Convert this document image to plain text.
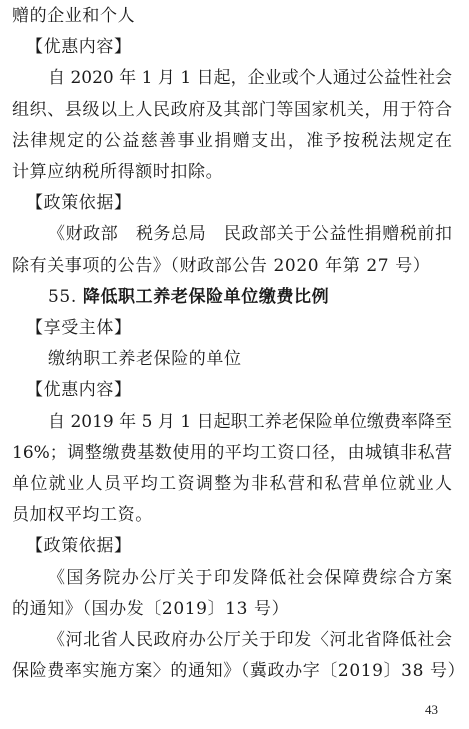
赠的企业和个人
【优惠内容】
自 2020 年 1 月 1 日起，企业或个人通过公益性社会
组织、县级以上人民政府及其部门等国家机关，用于符合
法律规定的公益慈善事业捐赠支出，准予按税法规定在
计算应纳税所得额时扣除。
【政策依据】
《财政部　税务总局　民政部关于公益性捐赠税前扣
除有关事项的公告》（财政部公告 2020 年第 27 号）
55. 降低职工养老保险单位缴费比例
【享受主体】
缴纳职工养老保险的单位
【优惠内容】
自 2019 年 5 月 1 日起职工养老保险单位缴费率降至
16%；调整缴费基数使用的平均工资口径，由城镇非私营
单位就业人员平均工资调整为非私营和私营单位就业人
员加权平均工资。
【政策依据】
《国务院办公厅关于印发降低社会保障费综合方案
的通知》（国办发〔2019〕13 号）
《河北省人民政府办公厅关于印发〈河北省降低社会
保险费率实施方案〉的通知》（冀政办字〔2019〕38 号）
43
